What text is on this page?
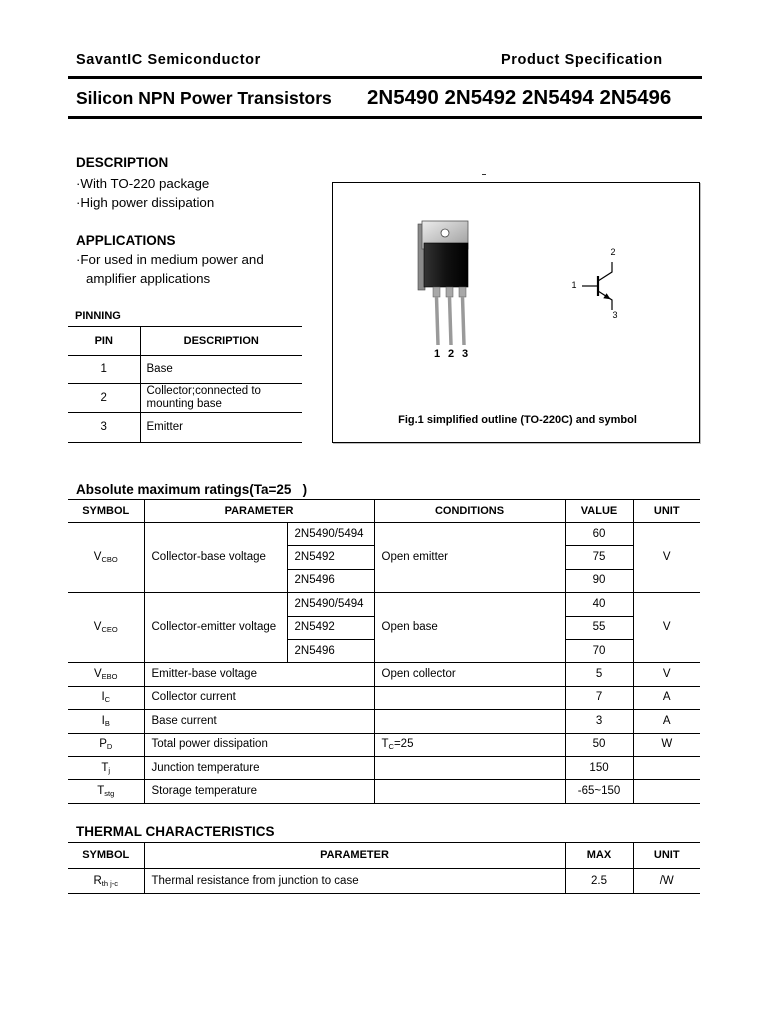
SavantIC Semiconductor	Product Specification
Silicon NPN Power Transistors 2N5490 2N5492 2N5494 2N5496
DESCRIPTION
·With TO-220 package
·High power dissipation
APPLICATIONS
·For used in medium power and
amplifier applications
PINNING
PIN	DESCRIPTION
1	Base

2	Collector;connected to
mounting base

3	Emitter
1 2 3
2
1
3
Fig.1 simplified outline (TO-220C) and symbol
Absolute maximum ratings(Ta=25   )
SYMBOL	PARAMETER		CONDITIONS	VALUE	UNIT
$V_{CBO}$	Collector-base voltage	2N5490/5494	Open emitter	60	V
		2N5492		75	
		2N5496		90	
$V_{CEO}$	Collector-emitter voltage	2N5490/5494	Open base	40	V
		2N5492		55	
		2N5496		70	
$V_{EBO}$	Emitter-base voltage		Open collector	5	V
$I_C$	Collector current			7	A
$I_B$	Base current			3	A
$P_D$	Total power dissipation		$T_C=25$	50	W
$T_j$	Junction temperature			150	
$T_{stg}$	Storage temperature			-65~150	
THERMAL CHARACTERISTICS
SYMBOL	PARAMETER	MAX	UNIT
$R_{th j-c}$	Thermal resistance from junction to case	2.5	/W
